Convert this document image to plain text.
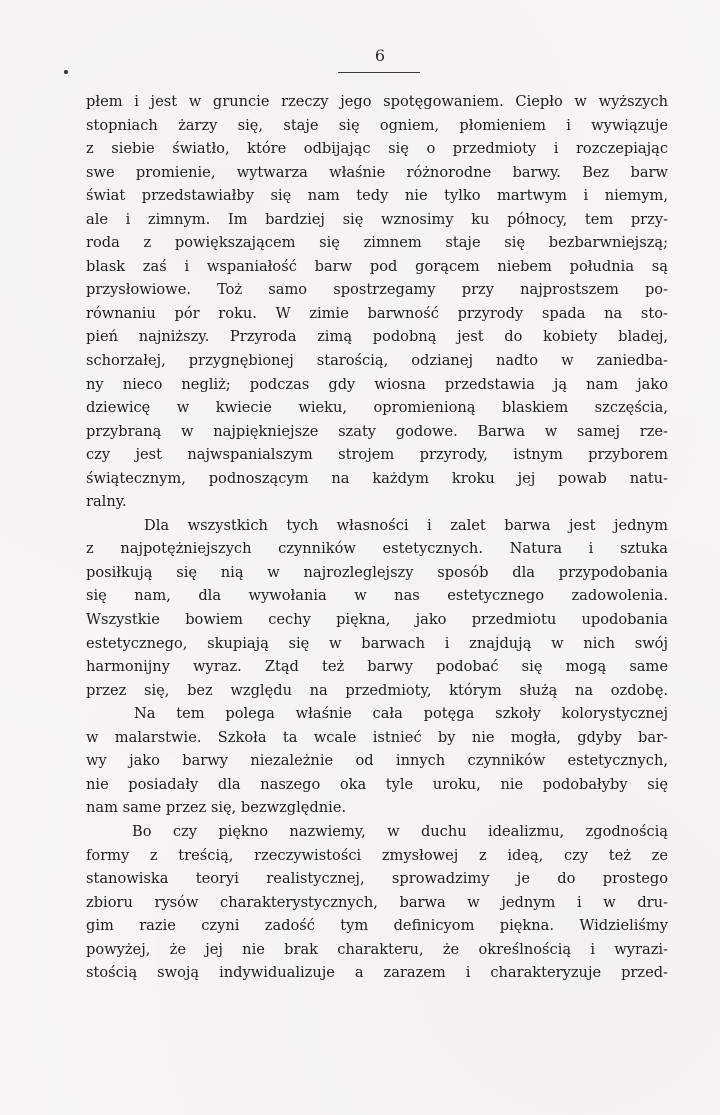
6
płem i jest w gruncie rzeczy jego spotęgowaniem. Ciepło w wyższych
stopniach żarzy się, staje się ogniem, płomieniem i wywiązuje
z siebie światło, które odbijając się o przedmioty i rozczepiając
swe promienie, wytwarza właśnie różnorodne barwy. Bez barw
świat przedstawiałby się nam tedy nie tylko martwym i niemym,
ale i zimnym. Im bardziej się wznosimy ku północy, tem przy-
roda z powiększającem się zimnem staje się bezbarwniejszą;
blask zaś i wspaniałość barw pod gorącem niebem południa są
przysłowiowe. Toż samo spostrzegamy przy najprostszem po-
równaniu pór roku. W zimie barwność przyrody spada na sto-
pień najniższy. Przyroda zimą podobną jest do kobiety bladej,
schorzałej, przygnębionej starością, odzianej nadto w zaniedba-
ny nieco negliż; podczas gdy wiosna przedstawia ją nam jako
dziewicę w kwiecie wieku, opromienioną blaskiem szczęścia,
przybraną w najpiękniejsze szaty godowe. Barwa w samej rze-
czy jest najwspanialszym strojem przyrody, istnym przyborem
świątecznym, podnoszącym na każdym kroku jej powab natu-
ralny.
Dla wszystkich tych własności i zalet barwa jest jednym
z najpotężniejszych czynników estetycznych. Natura i sztuka
posiłkują się nią w najrozleglejszy sposób dla przypodobania
się nam, dla wywołania w nas estetycznego zadowolenia.
Wszystkie bowiem cechy piękna, jako przedmiotu upodobania
estetycznego, skupiają się w barwach i znajdują w nich swój
harmonijny wyraz. Ztąd też barwy podobać się mogą same
przez się, bez względu na przedmioty, którym służą na ozdobę.
Na tem polega właśnie cała potęga szkoły kolorystycznej
w malarstwie. Szkoła ta wcale istnieć by nie mogła, gdyby bar-
wy jako barwy niezależnie od innych czynników estetycznych,
nie posiadały dla naszego oka tyle uroku, nie podobałyby się
nam same przez się, bezwzględnie.
Bo czy piękno nazwiemy, w duchu idealizmu, zgodnością
formy z treścią, rzeczywistości zmysłowej z ideą, czy też ze
stanowiska teoryi realistycznej, sprowadzimy je do prostego
zbioru rysów charakterystycznych, barwa w jednym i w dru-
gim razie czyni zadość tym definicyom piękna. Widzieliśmy
powyżej, że jej nie brak charakteru, że określnością i wyrazi-
stością swoją indywidualizuje a zarazem i charakteryzuje przed-
